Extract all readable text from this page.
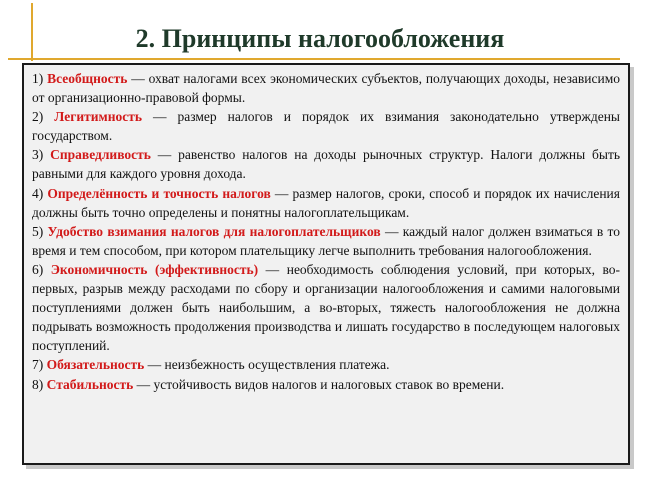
2. Принципы налогообложения

1) Всеобщность — охват налогами всех экономических субъектов, получающих доходы, независимо от организационно-правовой формы.

2) Легитимность — размер налогов и порядок их взимания законодательно утверждены государством.

3) Справедливость — равенство налогов на доходы рыночных структур. Налоги должны быть равными для каждого уровня дохода.

4) Определённость и точность налогов — размер налогов, сроки, способ и порядок их начисления должны быть точно определены и понятны налогоплательщикам.

5) Удобство взимания налогов для налогоплательщиков — каждый налог должен взиматься в то время и тем способом, при котором плательщику легче выполнить требования налогообложения.

6) Экономичность (эффективность) — необходимость соблюдения условий, при которых, во-первых, разрыв между расходами по сбору и организации налогообложения и самими налоговыми поступлениями должен быть наибольшим, а во-вторых, тяжесть налогообложения не должна подрывать возможность продолжения производства и лишать государство в последующем налоговых поступлений.

7) Обязательность — неизбежность осуществления платежа.

8) Стабильность — устойчивость видов налогов и налоговых ставок во времени.
